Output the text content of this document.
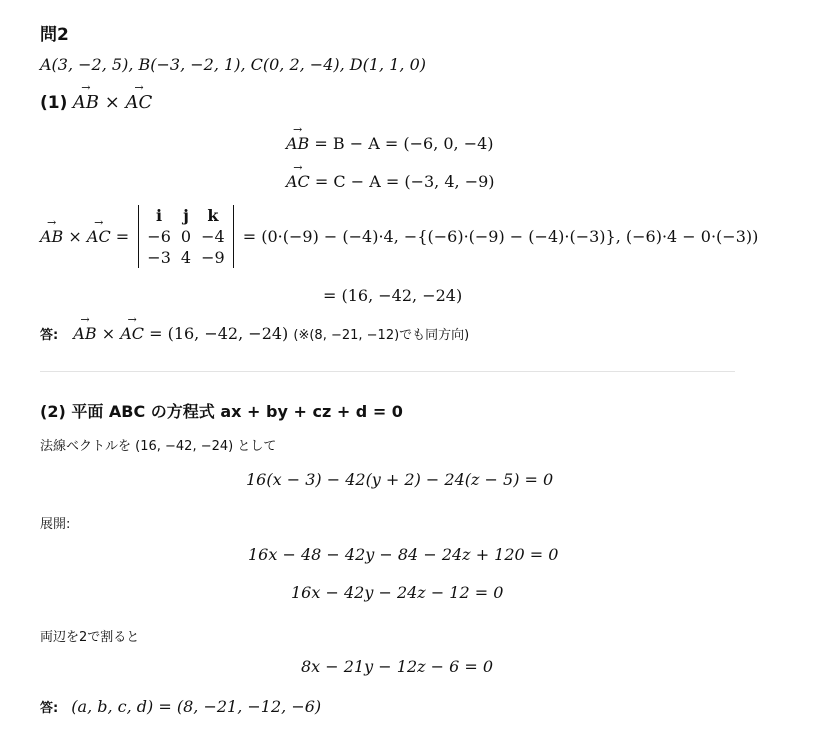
問2
A(3, −2, 5), B(−3, −2, 1), C(0, 2, −4), D(1, 1, 0)
(1) → AB × → AC
→ AB = B − A = (−6, 0, −4)
→ AC = C − A = (−3, 4, −9)
→ AB × → AC =
i	j	k
−6	0	−4
−3	4	−9
= (0·(−9) − (−4)·4, −{(−6)·(−9) − (−4)·(−3)}, (−6)·4 − 0·(−3))
= (16, −42, −24)
答: → AB × → AC = (16, −42, −24) (※(8, −21, −12)でも同方向)
(2) 平面 ABC の方程式 ax + by + cz + d = 0
法線ベクトルを (16, −42, −24) として
16(x − 3) − 42(y + 2) − 24(z − 5) = 0
展開:
16x − 48 − 42y − 84 − 24z + 120 = 0
16x − 42y − 24z − 12 = 0
両辺を2で割ると
8x − 21y − 12z − 6 = 0
答: (a, b, c, d) = (8, −21, −12, −6)
